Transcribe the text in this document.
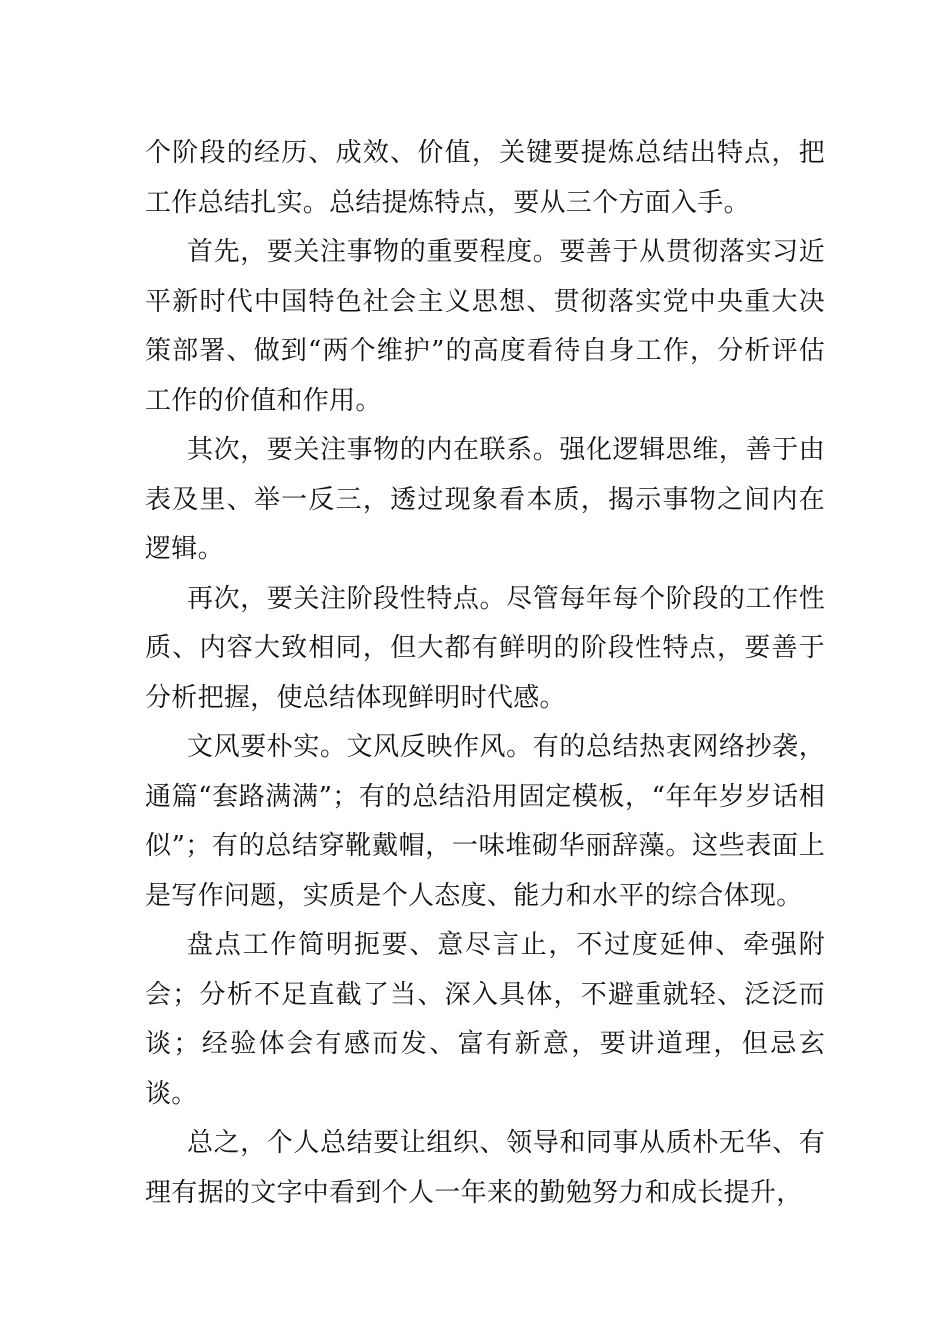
个阶段的经历、成效、价值，关键要提炼总结出特点，把工作总结扎实。总结提炼特点，要从三个方面入手。

首先，要关注事物的重要程度。要善于从贯彻落实习近平新时代中国特色社会主义思想、贯彻落实党中央重大决策部署、做到“两个维护”的高度看待自身工作，分析评估工作的价值和作用。

其次，要关注事物的内在联系。强化逻辑思维，善于由表及里、举一反三，透过现象看本质，揭示事物之间内在逻辑。

再次，要关注阶段性特点。尽管每年每个阶段的工作性质、内容大致相同，但大都有鲜明的阶段性特点，要善于分析把握，使总结体现鲜明时代感。

文风要朴实。文风反映作风。有的总结热衷网络抄袭，通篇“套路满满”；有的总结沿用固定模板，“年年岁岁话相似”；有的总结穿靴戴帽，一味堆砌华丽辞藻。这些表面上是写作问题，实质是个人态度、能力和水平的综合体现。

盘点工作简明扼要、意尽言止，不过度延伸、牵强附会；分析不足直截了当、深入具体，不避重就轻、泛泛而谈；经验体会有感而发、富有新意，要讲道理，但忌玄谈。

总之，个人总结要让组织、领导和同事从质朴无华、有理有据的文字中看到个人一年来的勤勉努力和成长提升，
